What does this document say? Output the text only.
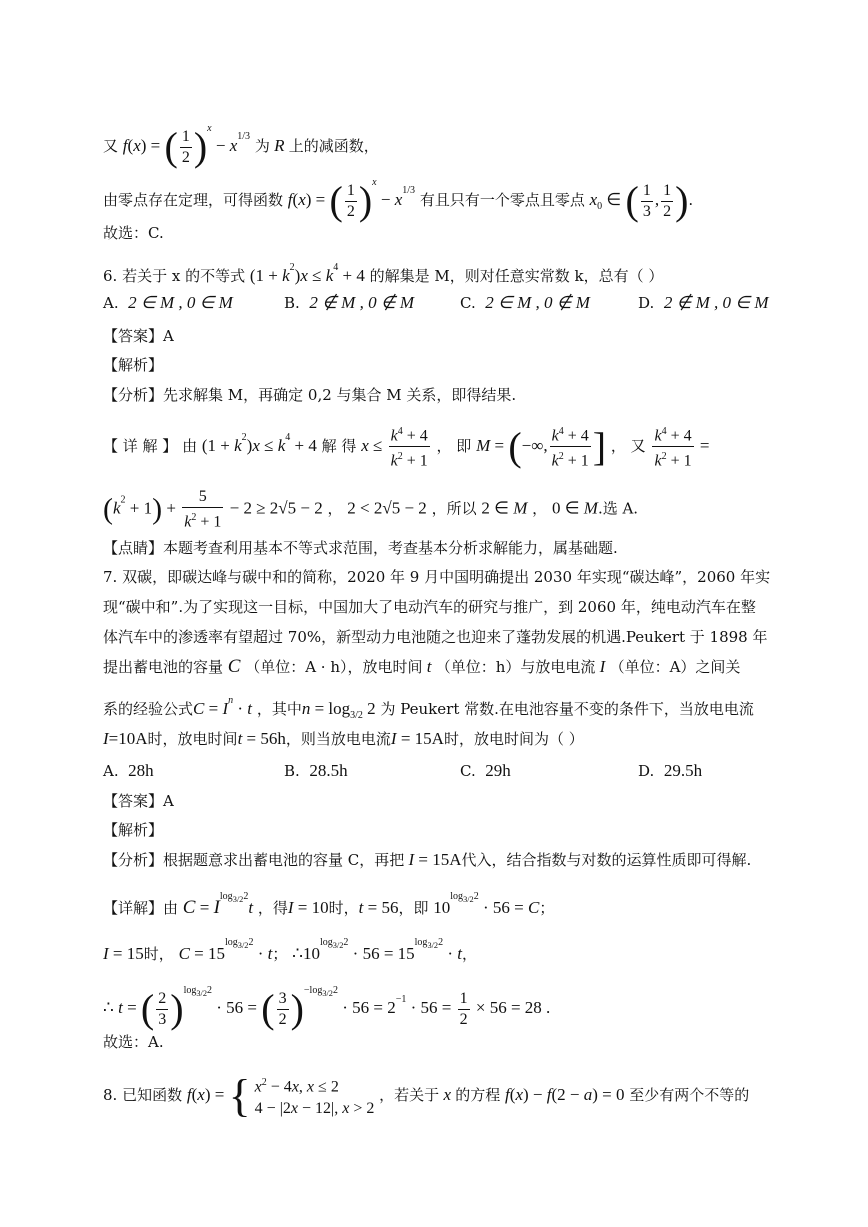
又 f(x) = ( $\frac{1}{2} )^x - x^{1/3}$ 为 R 上的减函数，
由零点存在定理，可得函数 f(x) = ( $\frac{1}{2} )^x - x^{1/3}$ 有且只有一个零点且零点 $x_0$ ∈ ( $\frac{1}{3}$ , $\frac{1}{2}$ ).
故选：C.
6. 若关于 x 的不等式 $(1 + k^2)x \le k^4 + 4$ 的解集是 M，则对任意实常数 k，总有（ ）
A. 2 ∈ M , 0 ∈ M	B. 2 ∉ M , 0 ∉ M	C. 2 ∈ M , 0 ∉ M	D. 2 ∉ M , 0 ∈ M
【答案】A
【解析】
【分析】先求解集 M，再确定 0,2 与集合 M 关系，即得结果.
【 详 解 】 由 $(1 + k^2)x \le k^4 + 4$ 解 得 $x \le \frac{k^4 + 4}{k^2 + 1}$ ， 即 M = (−∞, $\frac{k^4 + 4}{k^2 + 1}$ ] ， 又 $\frac{k^4 + 4}{k^2 + 1}$ =
$(k^2 + 1) + \frac{5}{k^2 + 1} - 2 \ge 2√5 - 2$ ， 2 < 2√5 − 2 ，所以 2 ∈ M ， 0 ∈ M.选 A.
【点睛】本题考查利用基本不等式求范围，考查基本分析求解能力，属基础题.
7. 双碳，即碳达峰与碳中和的简称，2020 年 9 月中国明确提出 2030 年实现“碳达峰”，2060 年实
现“碳中和”.为了实现这一目标，中国加大了电动汽车的研究与推广，到 2060 年，纯电动汽车在整
体汽车中的渗透率有望超过 70%，新型动力电池随之也迎来了蓬勃发展的机遇.Peukert 于 1898 年
提出蓄电池的容量 C （单位：A · h），放电时间 t （单位：h）与放电电流 I （单位：A）之间关
系的经验公式$C = I^n \cdot t$ ，其中$n = \log_{3/2} 2$ 为 Peukert 常数.在电池容量不变的条件下，当放电电流
I=10A时，放电时间t = 56h，则当放电电流I = 15A时，放电时间为（ ）
A. 28h	B. 28.5h	C. 29h	D. 29.5h
【答案】A
【解析】
【分析】根据题意求出蓄电池的容量 C，再把 I = 15A代入，结合指数与对数的运算性质即可得解.
【详解】由 $C = I^{log_{3/2}2}t$ ，得I = 10时，t = 56，即 $10^{log_{3/2}2} \cdot 56 = C$；
I = 15时， $C = 15^{log_{3/2}2} \cdot t$； $\therefore 10^{log_{3/2}2} \cdot 56 = 15^{log_{3/2}2} \cdot t$，
∴ t = ( $\frac{2}{3} )^{log_{3/2}2} \cdot 56$ = ( $\frac{3}{2} )^{-log_{3/2}2} \cdot 56 = 2^{-1} \cdot 56 = \frac{1}{2} \times 56 = 28$ .
故选：A.
8. 已知函数 f(x) = { $x^2 - 4x$, x ≤ 2
4 − |2x − 12|, x > 2
，若关于 x 的方程 f(x) − f(2 − a) = 0 至少有两个不等的
